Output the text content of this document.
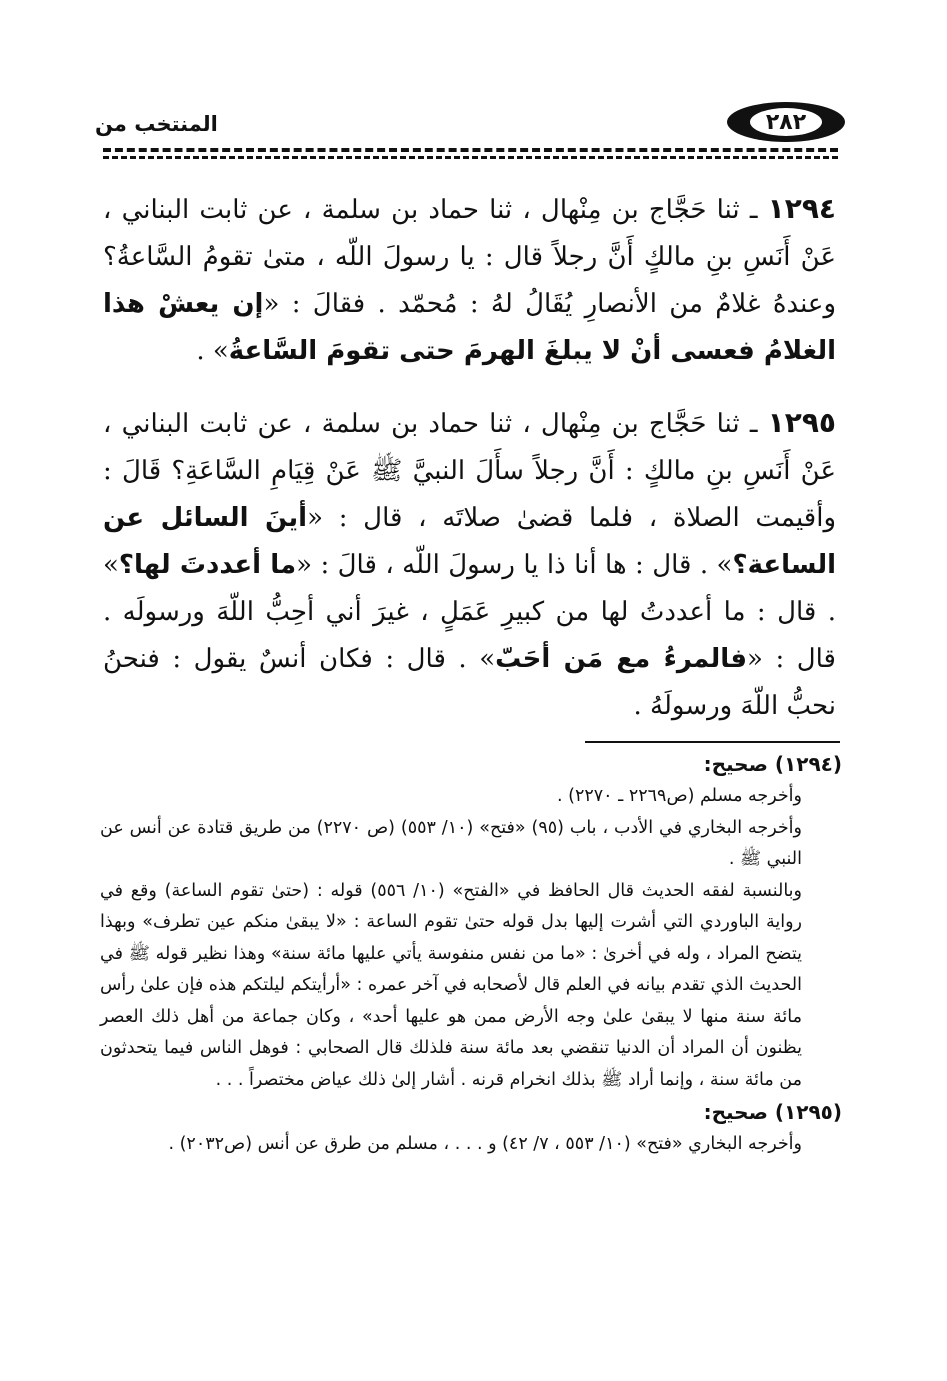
المنتخب من	٢٨٢

١٢٩٤ ـ ثنا حَجَّاج بن مِنْهال ، ثنا حماد بن سلمة ، عن ثابت البناني ، عَنْ أَنَسِ بنِ مالكٍ أَنَّ رجلاً قال : يا رسولَ اللّه ، متىٰ تقومُ السَّاعةُ؟ وعندهُ غلامٌ من الأنصارِ يُقَالُ لهُ : مُحمّد . فقالَ : «إن يعشْ هذا الغلامُ فعسى أنْ لا يبلغَ الهرمَ حتى تقومَ السَّاعةُ» .

١٢٩٥ ـ ثنا حَجَّاج بن مِنْهال ، ثنا حماد بن سلمة ، عن ثابت البناني ، عَنْ أَنَسِ بنِ مالكٍ : أَنَّ رجلاً سأَلَ النبيَّ ﷺ عَنْ قِيَامِ السَّاعَةِ؟ قَالَ : وأقيمت الصلاة ، فلما قضىٰ صلاتَه ، قال : «أينَ السائل عن الساعة؟» . قال : ها أنا ذا يا رسولَ اللّه ، قالَ : «ما أعددتَ لها؟» . قال : ما أعددتُ لها من كبيرِ عَمَلٍ ، غيرَ أني أحِبُّ اللّهَ ورسولَه . قال : «فالمرءُ مع مَن أحَبّ» . قال : فكان أنسٌ يقول : فنحنُ نحبُّ اللّهَ ورسولَهُ .

(١٢٩٤) صحيح:

وأخرجه مسلم (ص٢٢٦٩ ـ ٢٢٧٠) .

وأخرجه البخاري في الأدب ، باب (٩٥) «فتح» (١٠/ ٥٥٣) (ص ٢٢٧٠) من طريق قتادة عن أنس عن النبي ﷺ .

وبالنسبة لفقه الحديث قال الحافظ في «الفتح» (١٠/ ٥٥٦) قوله : (حتىٰ تقوم الساعة) وقع في رواية الباوردي التي أشرت إليها بدل قوله حتىٰ تقوم الساعة : «لا يبقىٰ منكم عين تطرف» وبهذا يتضح المراد ، وله في أخرىٰ : «ما من نفس منفوسة يأتي عليها مائة سنة» وهذا نظير قوله ﷺ في الحديث الذي تقدم بيانه في العلم قال لأصحابه في آخر عمره : «أرأيتكم ليلتكم هذه فإن علىٰ رأس مائة سنة منها لا يبقىٰ علىٰ وجه الأرض ممن هو عليها أحد» ، وكان جماعة من أهل ذلك العصر يظنون أن المراد أن الدنيا تنقضي بعد مائة سنة فلذلك قال الصحابي : فوهل الناس فيما يتحدثون من مائة سنة ، وإنما أراد ﷺ بذلك انخرام قرنه . أشار إلىٰ ذلك عياض مختصراً . . .

(١٢٩٥) صحيح:

وأخرجه البخاري «فتح» (١٠/ ٥٥٣ ، ٧/ ٤٢) و . . . ، مسلم من طرق عن أنس (ص٢٠٣٢) .
